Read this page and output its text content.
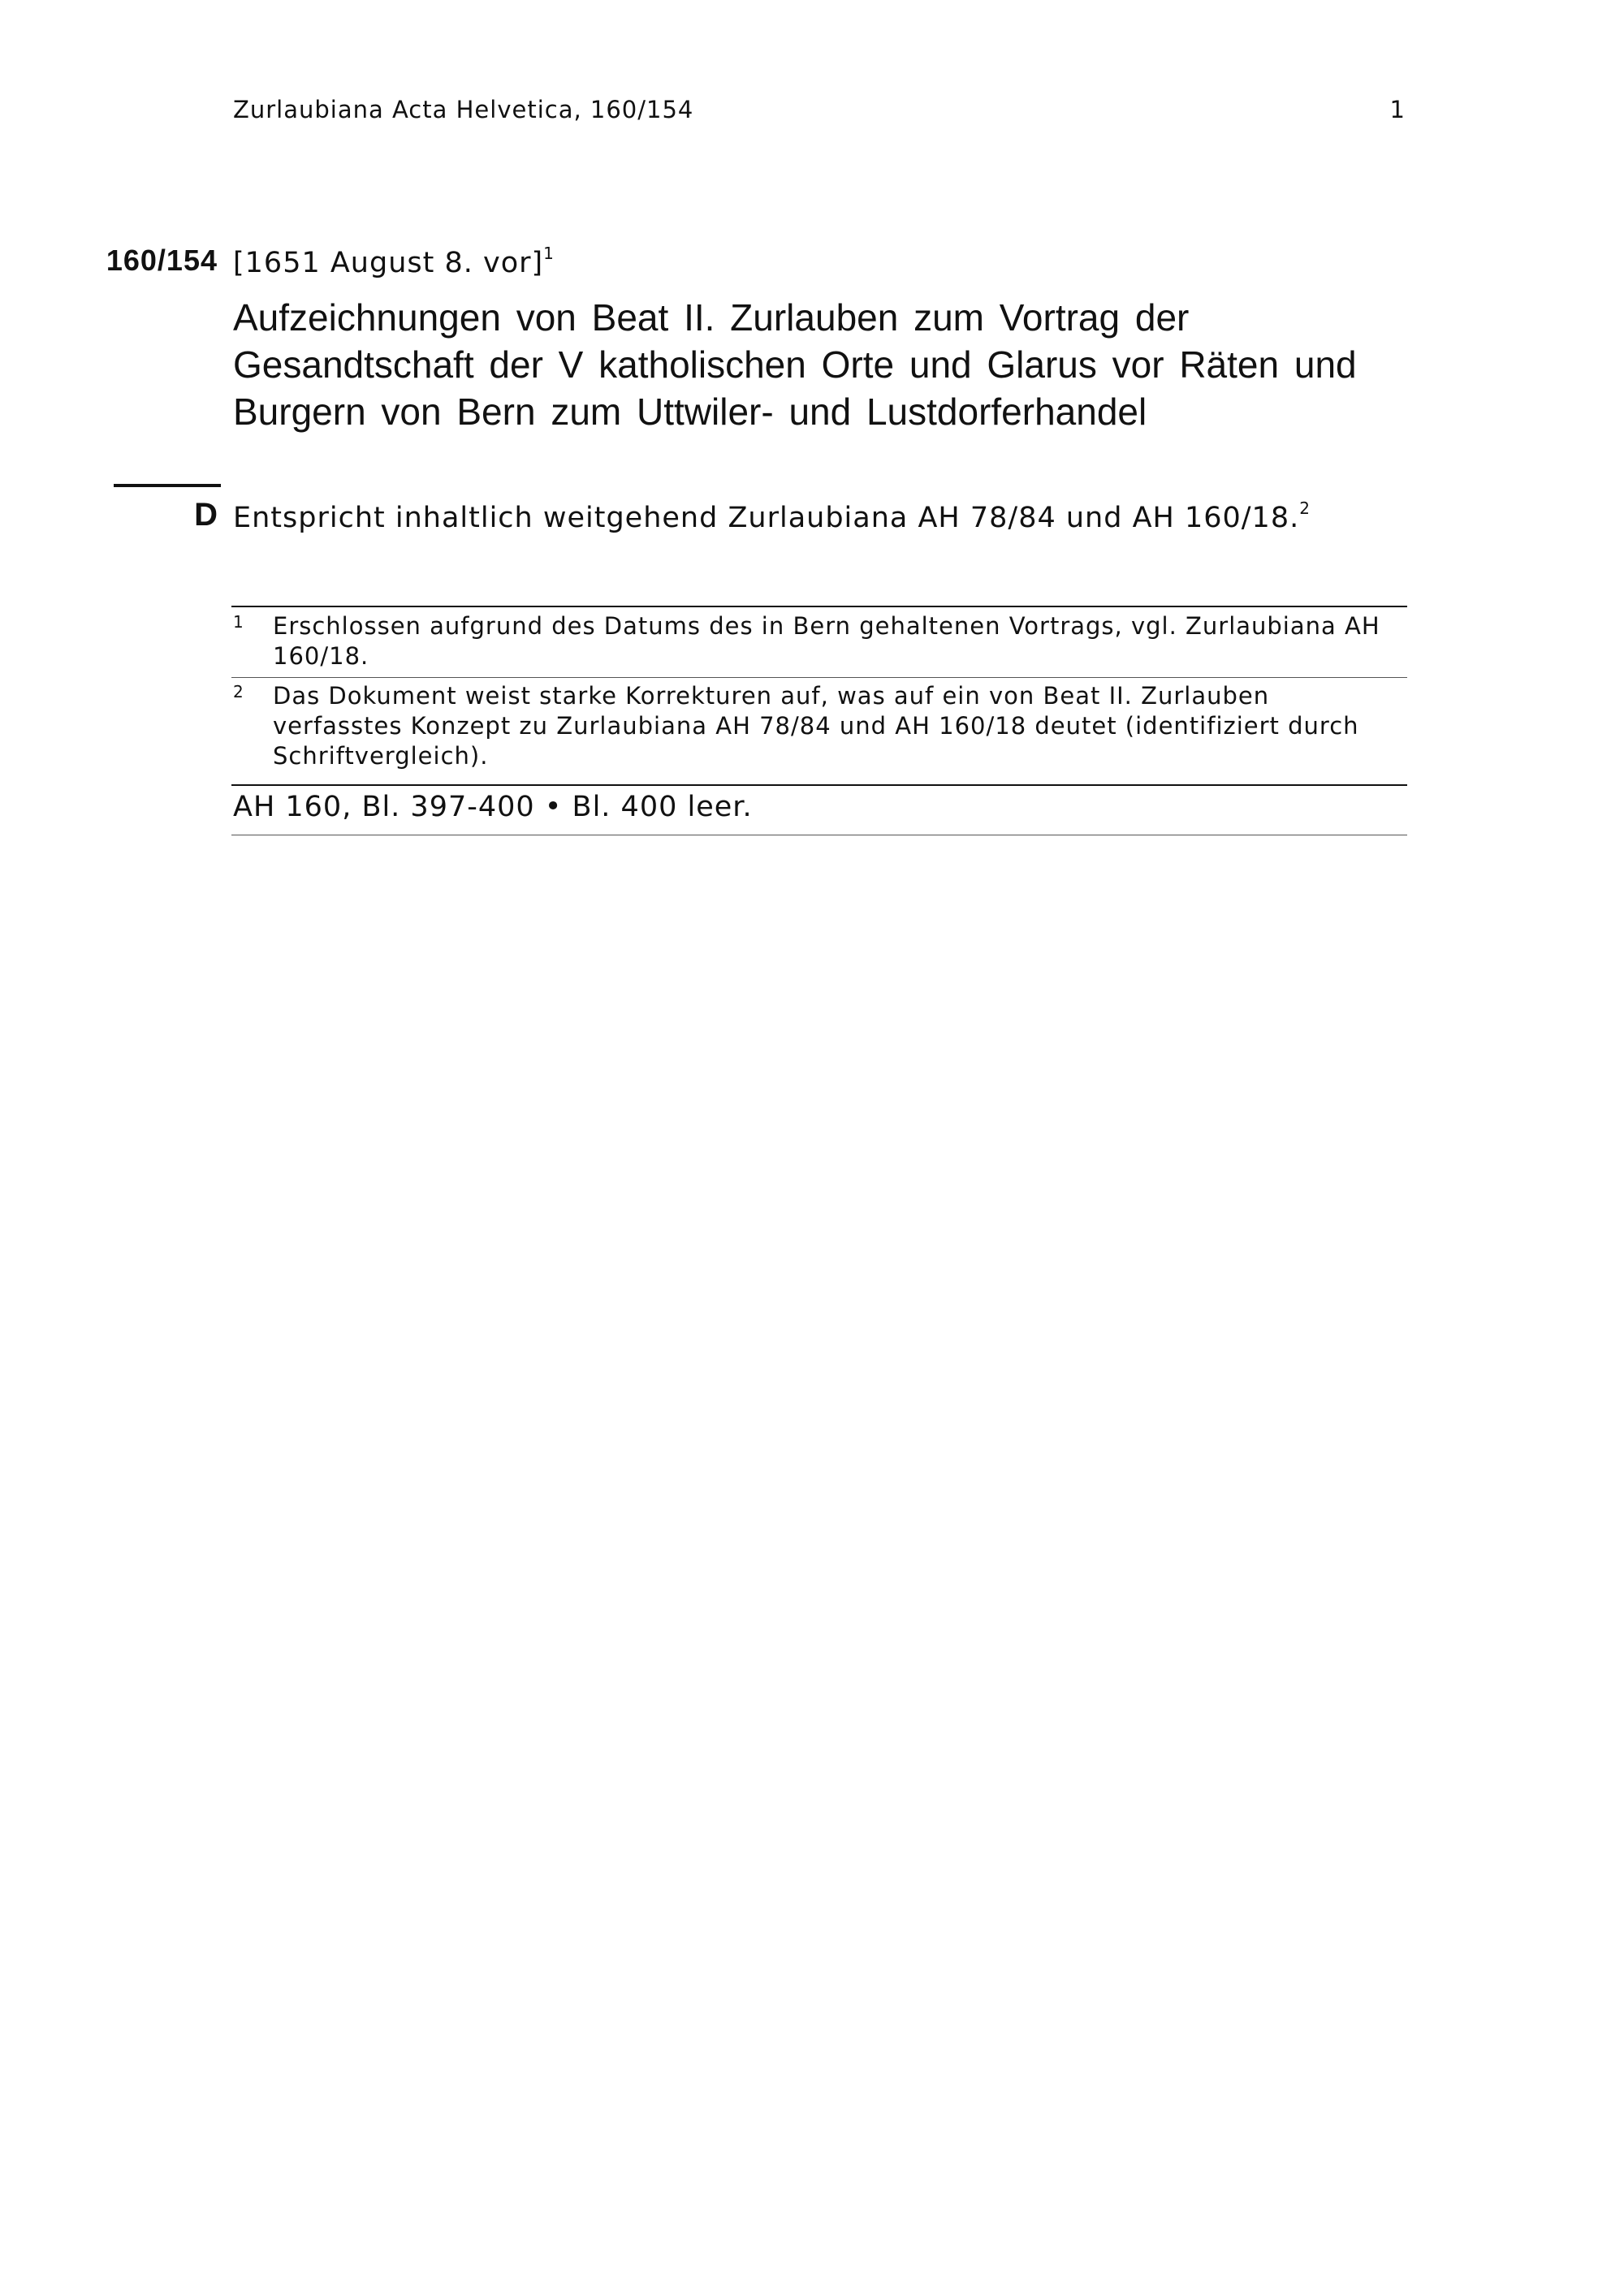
Zurlaubiana Acta Helvetica, 160/154	1
160/154 [1651 August 8. vor]$^1$
Aufzeichnungen von Beat II. Zurlauben zum Vortrag der Gesandtschaft der V katholischen Orte und Glarus vor Räten und Burgern von Bern zum Uttwiler- und Lustdorferhandel
D Entspricht inhaltlich weitgehend Zurlaubiana AH 78/84 und AH 160/18.$^2$
1 Erschlossen aufgrund des Datums des in Bern gehaltenen Vortrags, vgl. Zurlaubiana AH 160/18.
2 Das Dokument weist starke Korrekturen auf, was auf ein von Beat II. Zurlauben verfasstes Konzept zu Zurlaubiana AH 78/84 und AH 160/18 deutet (identifiziert durch Schriftvergleich).
AH 160, Bl. 397-400 • Bl. 400 leer.
